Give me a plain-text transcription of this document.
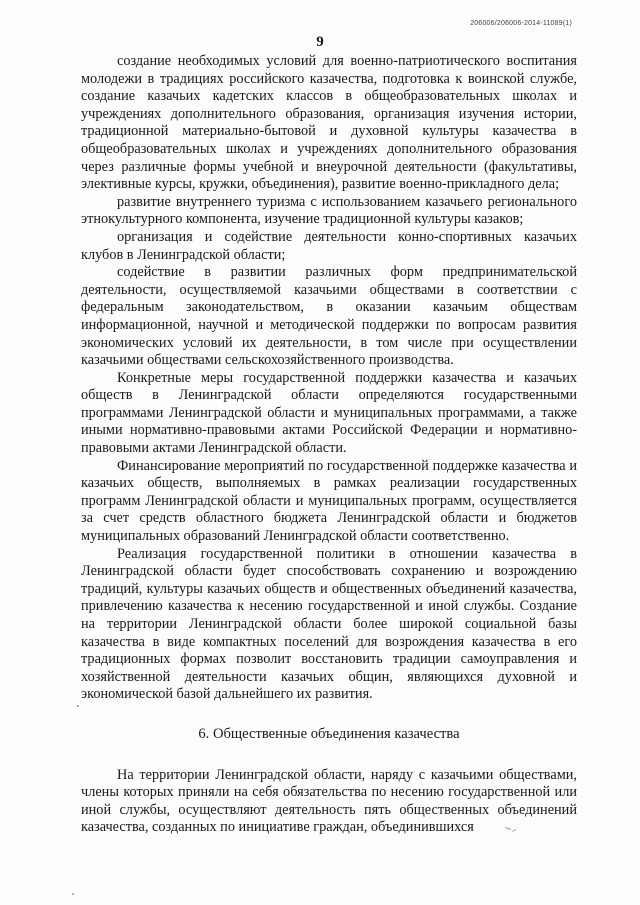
206006/206006-2014-11089(1)
9

создание необходимых условий для военно-патриотического воспитания молодежи в традициях российского казачества, подготовка к воинской службе, создание казачьих кадетских классов в общеобразовательных школах и учреждениях дополнительного образования, организация изучения истории, традиционной материально-бытовой и духовной культуры казачества в общеобразовательных школах и учреждениях дополнительного образования через различные формы учебной и внеурочной деятельности (факультативы, элективные курсы, кружки, объединения), развитие военно-прикладного дела;

развитие внутреннего туризма с использованием казачьего регионального этнокультурного компонента, изучение традиционной культуры казаков;

организация и содействие деятельности конно-спортивных казачьих клубов в Ленинградской области;

содействие в развитии различных форм предпринимательской деятельности, осуществляемой казачьими обществами в соответствии с федеральным законодательством, в оказании казачьим обществам информационной, научной и методической поддержки по вопросам развития экономических условий их деятельности, в том числе при осуществлении казачьими обществами сельскохозяйственного производства.

Конкретные меры государственной поддержки казачества и казачьих обществ в Ленинградской области определяются государственными программами Ленинградской области и муниципальных программами, а также иными нормативно-правовыми актами Российской Федерации и нормативно-правовыми актами Ленинградской области.

Финансирование мероприятий по государственной поддержке казачества и казачьих обществ, выполняемых в рамках реализации государственных программ Ленинградской области и муниципальных программ, осуществляется за счет средств областного бюджета Ленинградской области и бюджетов муниципальных образований Ленинградской области соответственно.

Реализация государственной политики в отношении казачества в Ленинградской области будет способствовать сохранению и возрождению традиций, культуры казачьих обществ и общественных объединений казачества, привлечению казачества к несению государственной и иной службы. Создание на территории Ленинградской области более широкой социальной базы казачества в виде компактных поселений для возрождения казачества в его традиционных формах позволит восстановить традиции самоуправления и хозяйственной деятельности казачьих общин, являющихся духовной и экономической базой дальнейшего их развития.

6. Общественные объединения казачества

На территории Ленинградской области, наряду с казачьими обществами, члены которых приняли на себя обязательства по несению государственной или иной службы, осуществляют деятельность пять общественных объединений казачества, созданных по инициативе граждан, объединившихся
